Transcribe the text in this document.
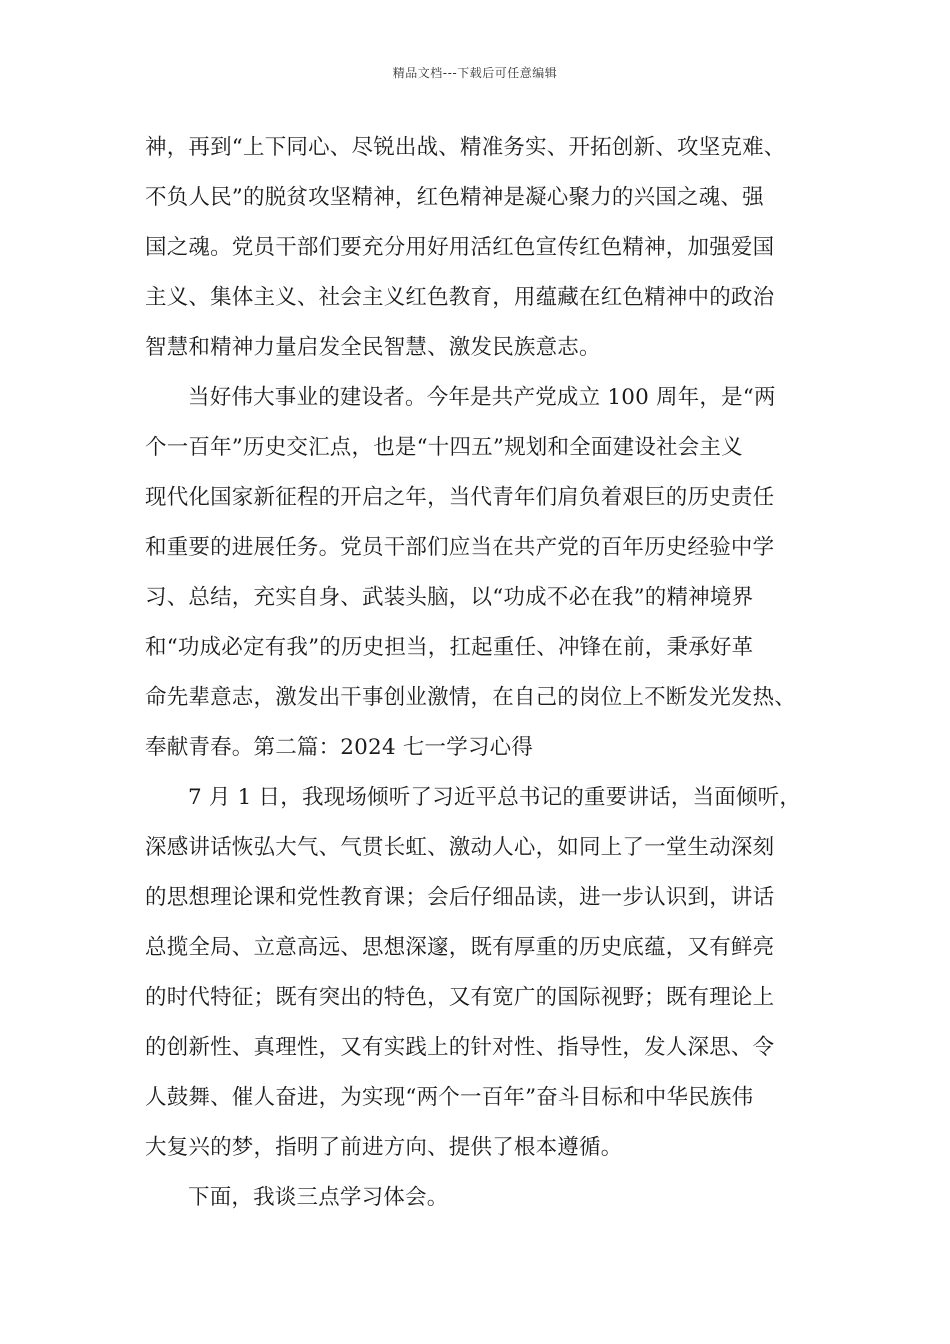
精品文档---下载后可任意编辑
神，再到“上下同心、尽锐出战、精准务实、开拓创新、攻坚克难、
不负人民”的脱贫攻坚精神，红色精神是凝心聚力的兴国之魂、强
国之魂。党员干部们要充分用好用活红色宣传红色精神，加强爱国
主义、集体主义、社会主义红色教育，用蕴藏在红色精神中的政治
智慧和精神力量启发全民智慧、激发民族意志。
当好伟大事业的建设者。今年是共产党成立 100 周年，是“两
个一百年”历史交汇点，也是“十四五”规划和全面建设社会主义
现代化国家新征程的开启之年，当代青年们肩负着艰巨的历史责任
和重要的进展任务。党员干部们应当在共产党的百年历史经验中学
习、总结，充实自身、武装头脑，以“功成不必在我”的精神境界
和“功成必定有我”的历史担当，扛起重任、冲锋在前，秉承好革
命先辈意志，激发出干事创业激情，在自己的岗位上不断发光发热、
奉献青春。第二篇：2024 七一学习心得
7 月 1 日，我现场倾听了习近平总书记的重要讲话，当面倾听，
深感讲话恢弘大气、气贯长虹、激动人心，如同上了一堂生动深刻
的思想理论课和党性教育课；会后仔细品读，进一步认识到，讲话
总揽全局、立意高远、思想深邃，既有厚重的历史底蕴，又有鲜亮
的时代特征；既有突出的特色，又有宽广的国际视野；既有理论上
的创新性、真理性，又有实践上的针对性、指导性，发人深思、令
人鼓舞、催人奋进，为实现“两个一百年”奋斗目标和中华民族伟
大复兴的梦，指明了前进方向、提供了根本遵循。
下面，我谈三点学习体会。
